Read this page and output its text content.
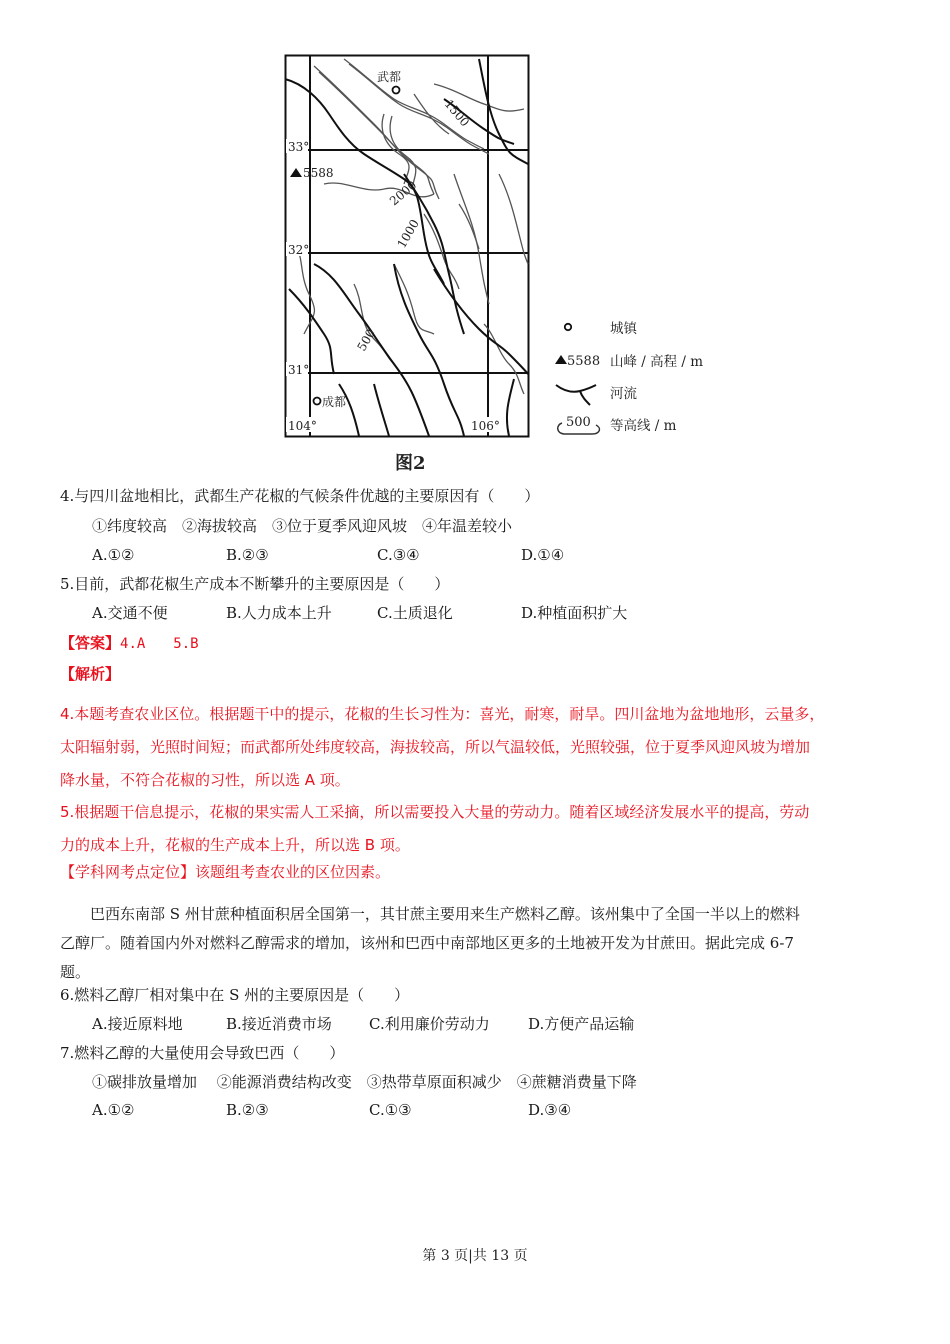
武都
成都
5588
33°
32°
31°
104°	106°
1500
2000
1000
500	城镇
5588 山峰 / 高程 / m
河流
500 等高线 / m
图2
4.与四川盆地相比，武都生产花椒的气候条件优越的主要原因有（　　）
①纬度较高　②海拔较高　③位于夏季风迎风坡　④年温差较小
A.①②	B.②③	C.③④	D.①④
5.目前，武都花椒生产成本不断攀升的主要原因是（　　）
A.交通不便	B.人力成本上升	C.土质退化	D.种植面积扩大
【答案】4.A　　5.B
【解析】
4.本题考查农业区位。根据题干中的提示，花椒的生长习性为：喜光，耐寒，耐旱。四川盆地为盆地地形，云量多，
太阳辐射弱，光照时间短；而武都所处纬度较高，海拔较高，所以气温较低，光照较强，位于夏季风迎风坡为增加
降水量，不符合花椒的习性，所以选 A 项。
5.根据题干信息提示，花椒的果实需人工采摘，所以需要投入大量的劳动力。随着区域经济发展水平的提高，劳动
力的成本上升，花椒的生产成本上升，所以选 B 项。
【学科网考点定位】该题组考查农业的区位因素。
　　巴西东南部 S 州甘蔗种植面积居全国第一，其甘蔗主要用来生产燃料乙醇。该州集中了全国一半以上的燃料
乙醇厂。随着国内外对燃料乙醇需求的增加，该州和巴西中南部地区更多的土地被开发为甘蔗田。据此完成 6-7
题。
6.燃料乙醇厂相对集中在 S 州的主要原因是（　　）
A.接近原料地	B.接近消费市场 C.利用廉价劳动力	D.方便产品运输
7.燃料乙醇的大量使用会导致巴西（　　）
①碳排放量增加　 ②能源消费结构改变　③热带草原面积减少　④蔗糖消费量下降
A.①②	B.②③	C.①③	D.③④
第 3 页|共 13 页
